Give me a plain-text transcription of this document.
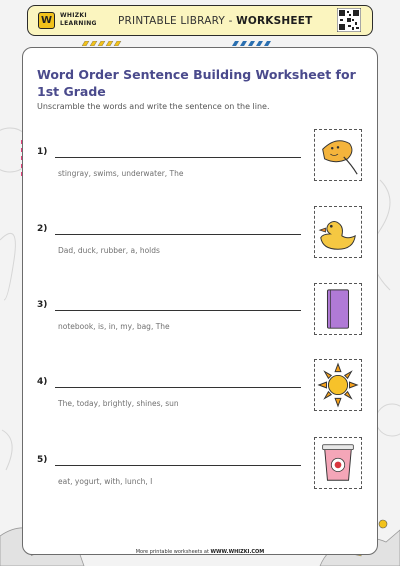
W	WHIZKI
LEARNING PRINTABLE LIBRARY - WORKSHEET
Word Order Sentence Building Worksheet for 1st Grade
Unscramble the words and write the sentence on the line.
1)
stingray, swims, underwater, The
2)
Dad, duck, rubber, a, holds
3)
notebook, is, in, my, bag, The
4)
The, today, brightly, shines, sun
5)
eat, yogurt, with, lunch, I
More printable worksheets at WWW.WHIZKI.COM
